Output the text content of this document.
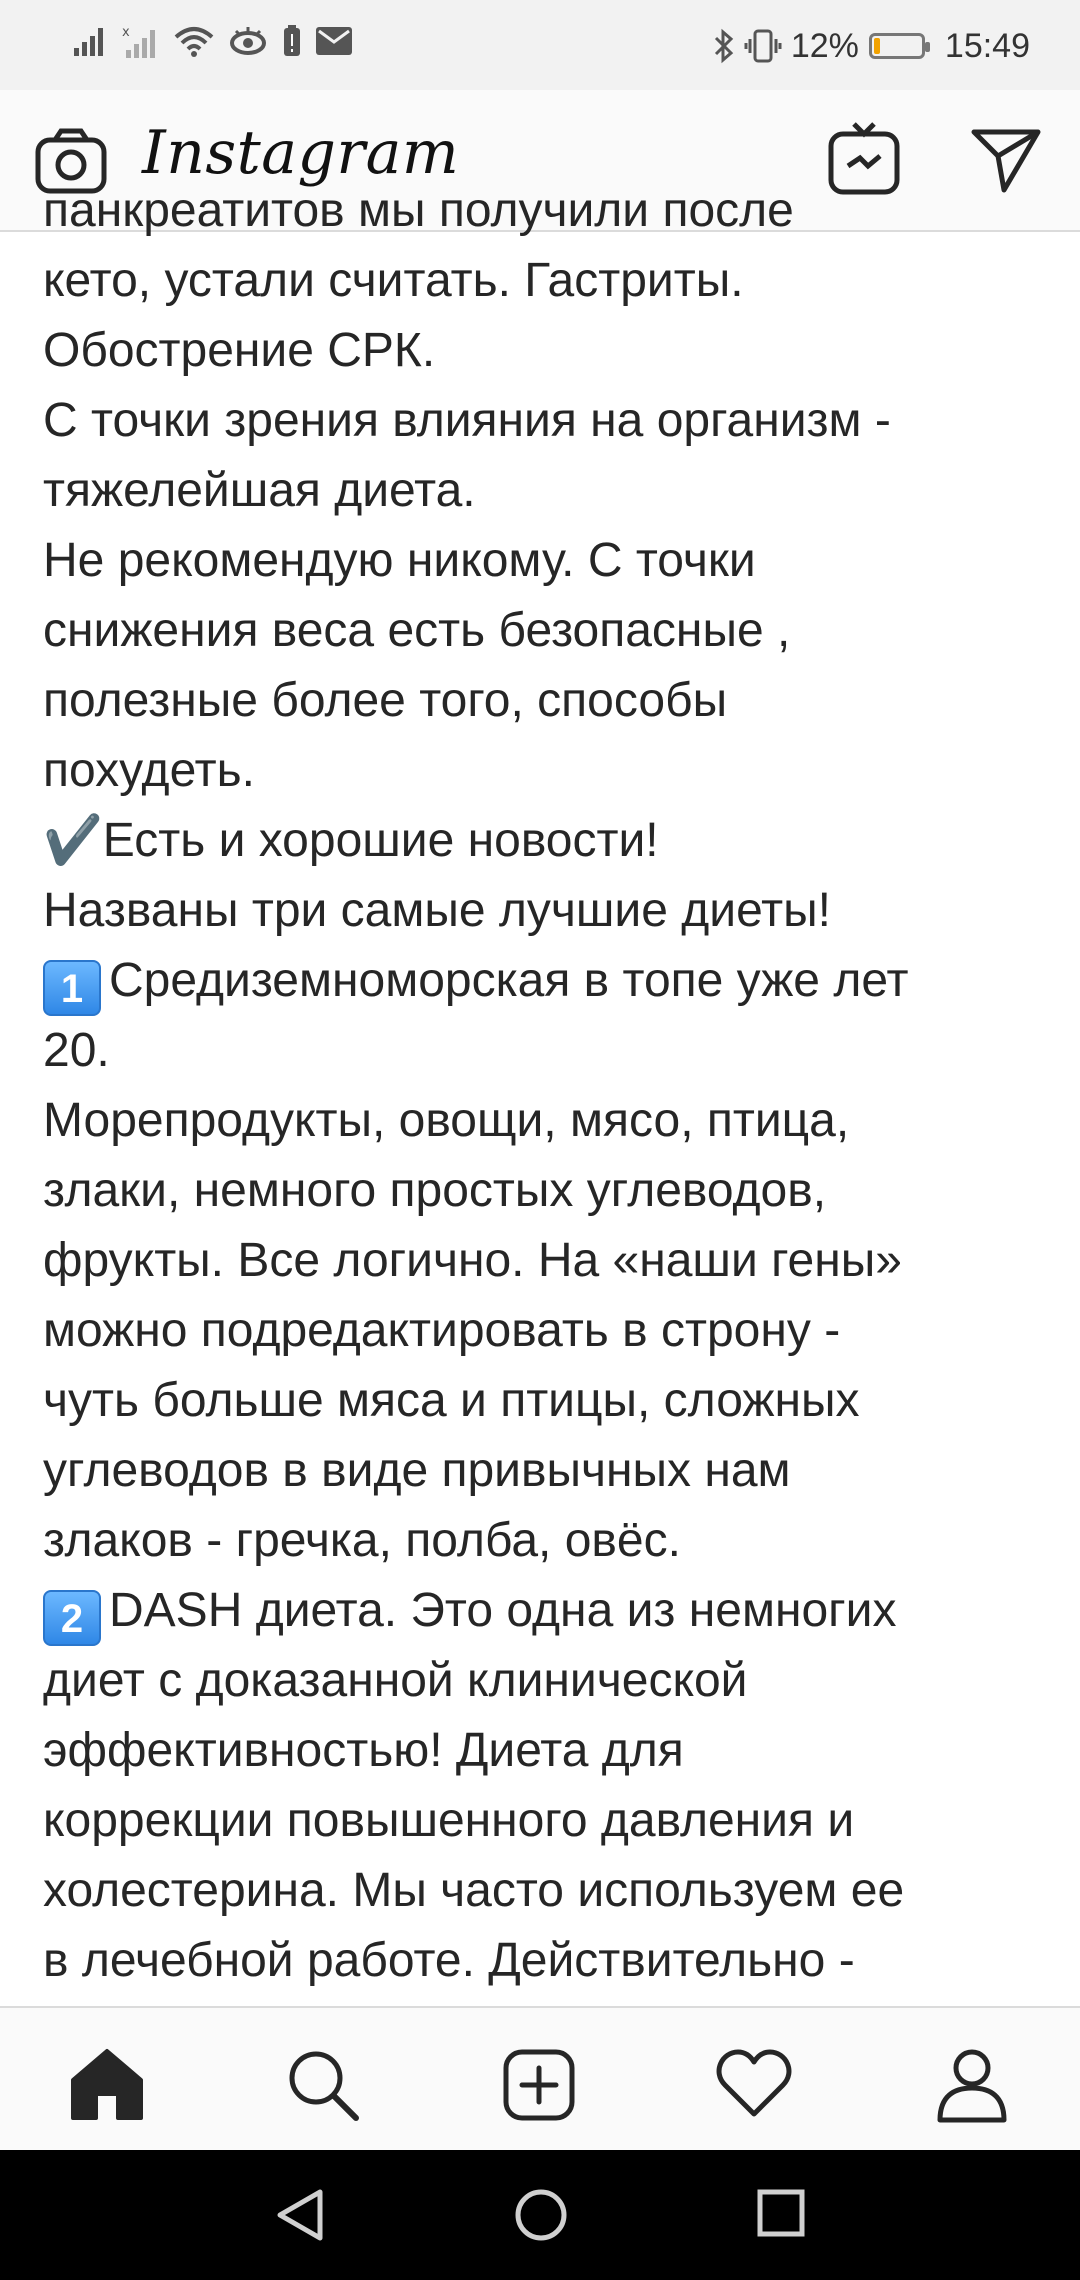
x	12%	15:49
Instagram
панкреатитов мы получили после
кето, устали считать. Гастриты.
Обострение СРК.
С точки зрения влияния на организм -
тяжелейшая диета.
Не рекомендую никому. С точки
снижения веса есть безопасные ,
полезные более того, способы
похудеть.
✔️Есть и хорошие новости!
Названы три самые лучшие диеты!
1 Средиземноморская в топе уже лет
20.
Морепродукты, овощи, мясо, птица,
злаки, немного простых углеводов,
фрукты. Все логично. На «наши гены»
можно подредактировать в строну -
чуть больше мяса и птицы, сложных
углеводов в виде привычных нам
злаков - гречка, полба, овёс.
2 DASH диета. Это одна из немногих
диет с доказанной клинической
эффективностью! Диета для
коррекции повышенного давления и
холестерина. Мы часто используем ее
в лечебной работе. Действительно -
